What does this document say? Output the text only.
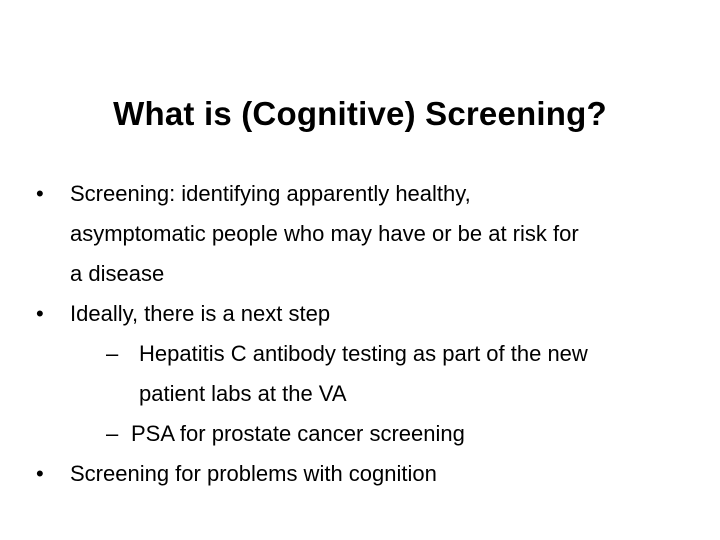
What is (Cognitive) Screening?
•	Screening: identifying apparently healthy,
asymptomatic people who may have or be at risk for
a disease
•	Ideally, there is a next step
– Hepatitis C antibody testing as part of the new
patient labs at the VA
– PSA for prostate cancer screening
•	Screening for problems with cognition
